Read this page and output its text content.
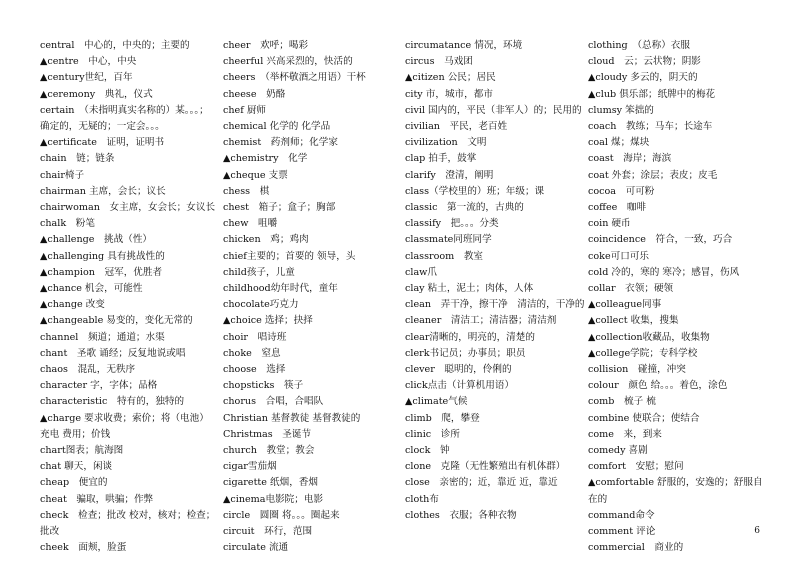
central　中心的，中央的；主要的
▲centre　中心，中央
▲century世纪，百年
▲ceremony　典礼，仪式
certain　（未指明真实名称的）某。。。；确定的，无疑的；一定会。。。
▲certificate　证明，证明书
chain　链；链条
chair椅子
chairman 主席，会长；议长
chairwoman　女主席，女会长；女议长
chalk　粉笔
▲challenge　挑战（性）
▲challenging 具有挑战性的
▲champion　冠军，优胜者
▲chance 机会，可能性
▲change 改变
▲changeable 易变的，变化无常的
channel　频道；通道；水渠
chant　圣歌 诵经；反复地说或唱
chaos　混乱，无秩序
character 字，字体；品格
characteristic　特有的，独特的
▲charge 要求收费；索价；将（电池）充电 费用；价钱
chart图表；航海图
chat 聊天，闲谈
cheap　便宜的
cheat　骗取，哄骗；作弊
check　检查；批改 校对，核对；检查；批改
cheek　面颊，脸蛋
cheer　欢呼；喝彩
cheerful 兴高采烈的，快活的
cheers　（举杯敬酒之用语）干杯
cheese　奶酪
chef 厨师
chemical 化学的 化学品
chemist　药剂师；化学家
▲chemistry　化学
▲cheque 支票
chess　棋
chest　箱子；盒子；胸部
chew　咀嚼
chicken　鸡；鸡肉
chief主要的；首要的 领导，头
child孩子，儿童
childhood幼年时代，童年
chocolate巧克力
▲choice 选择；抉择
choir　唱诗班
choke　窒息
choose　选择
chopsticks　筷子
chorus　合唱，合唱队
Christian 基督教徒 基督教徒的
Christmas　圣诞节
church　教堂；教会
cigar雪茄烟
cigarette 纸烟，香烟
▲cinema电影院；电影
circle　圆圈 将。。。圈起来
circuit　环行，范围
circulate 流通
circumatance 情况，环境
circus　马戏团
▲citizen 公民；居民
city 市，城市，都市
civil 国内的，平民（非军人）的；民用的
civilian　平民，老百姓
civilization　文明
clap 拍手，鼓掌
clarify　澄清，阐明
class（学校里的）班；年级；课
classic　第一流的，古典的
classify　把。。。分类
classmate同班同学
classroom　教室
claw爪
clay 粘土，泥土；肉体，人体
clean　弄干净，擦干净　清洁的，干净的
cleaner　清洁工；清洁器；清洁剂
clear清晰的，明亮的，清楚的
clerk书记员；办事员；职员
clever　聪明的，伶俐的
click点击（计算机用语）
▲climate气候
climb　爬，攀登
clinic　诊所
clock　钟
clone　克隆（无性繁殖出有机体群）
close　亲密的；近，靠近 近，靠近
cloth布
clothes　衣服；各种衣物
clothing　（总称）衣服
cloud　云；云状物；阴影
▲cloudy 多云的，阴天的
▲club 俱乐部；纸牌中的梅花
clumsy 笨拙的
coach　教练；马车；长途车
coal 煤；煤块
coast　海岸；海滨
coat 外套；涂层；表皮；皮毛
cocoa　可可粉
coffee　咖啡
coin 硬币
coincidence　符合，一致，巧合
coke可口可乐
cold 冷的，寒的 寒冷；感冒，伤风
collar　衣领；硬领
▲colleague同事
▲collect 收集，搜集
▲collection收藏品，收集物
▲college学院；专科学校
collision　碰撞，冲突
colour　颜色 给。。。着色，涂色
comb　梳子 梳
combine 使联合；使结合
come　来，到来
comedy 喜剧
comfort　安慰；慰问
▲comfortable 舒服的，安逸的；舒服自在的
command命令
comment 评论
commercial　商业的
6
